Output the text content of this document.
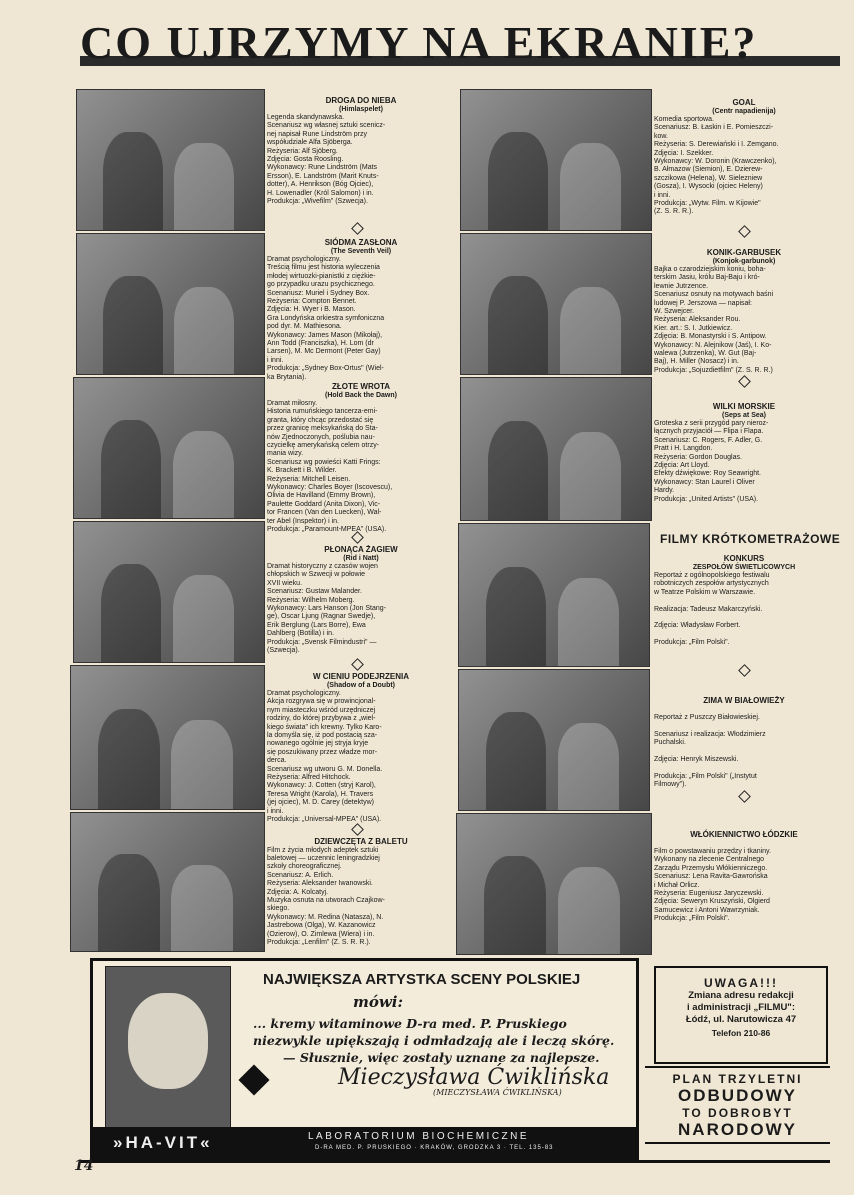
CO UJRZYMY NA EKRANIE?
DROGA DO NIEBA
(Himlaspelet)

Legenda skandynawska.

Scenariusz wg własnej sztuki scenicz-

nej napisał Rune Lindström przy

współudziale Alfa Sjöberga.

Reżyseria: Alf Sjöberg.

Zdjęcia: Gosta Roosling.

Wykonawcy: Rune Lindström (Mats

Ersson), E. Landström (Marit Knuts-

dotter), A. Henrikson (Bóg Ojciec),

H. Lowenadler (Król Salomon) i in.

Produkcja: „Wivefilm" (Szwecja).

SIÓDMA ZASŁONA
(The Seventh Veil)

Dramat psychologiczny.

Treścią filmu jest historia wyleczenia

młodej wirtuozki-pianistki z ciężkie-

go przypadku urazu psychicznego.

Scenariusz: Muriel i Sydney Box.

Reżyseria: Compton Bennet.

Zdjęcia: H. Wyer i B. Mason.

Gra Londyńska orkiestra symfoniczna

pod dyr. M. Mathiesona.

Wykonawcy: James Mason (Mikołaj),

Ann Todd (Franciszka), H. Lom (dr

Larsen), M. Mc Dermont (Peter Gay)

i inni.

Produkcja: „Sydney Box-Ortus" (Wiel-

ka Brytania).

ZŁOTE WROTA
(Hold Back the Dawn)

Dramat miłosny.

Historia rumuńskiego tancerza-emi-

granta, który chcąc przedostać się

przez granicę meksykańską do Sta-

nów Zjednoczonych, poślubia nau-

czycielkę amerykańską celem otrzy-

mania wizy.

Scenariusz wg powieści Katti Frings:

K. Brackett i B. Wilder.

Reżyseria: Mitchell Leisen.

Wykonawcy: Charles Boyer (Iscovescu),

Olivia de Havilland (Emmy Brown),

Paulette Goddard (Anita Dixon), Vic-

tor Francen (Van den Luecken), Wal-

ter Abel (Inspektor) i in.

Produkcja: „Paramount-MPEA" (USA).

PŁONĄCA ŻAGIEW
(Rid i Natt)

Dramat historyczny z czasów wojen

chłopskich w Szwecji w połowie

XVII wieku.

Scenariusz: Gustaw Malander.

Reżyseria: Wilhelm Moberg.

Wykonawcy: Lars Hanson (Jon Stang-

ge), Oscar Ljung (Ragnar Swedje),

Erik Berglung (Lars Borre), Ewa

Dahlberg (Botilla) i in.

Produkcja: „Svensk Filmindustri" —

(Szwecja).

W CIENIU PODEJRZENIA
(Shadow of a Doubt)

Dramat psychologiczny.

Akcja rozgrywa się w prowincjonal-

nym miasteczku wśród urzędniczej

rodziny, do której przybywa z „wiel-

kiego świata" ich krewny. Tylko Karo-

la domyśla się, iż pod postacią sza-

nowanego ogólnie jej stryja kryje

się poszukiwany przez władze mor-

derca.

Scenariusz wg utworu G. M. Donella.

Reżyseria: Alfred Hitchock.

Wykonawcy: J. Cotten (stryj Karol),

Teresa Wright (Karola), H. Travers

(jej ojciec), M. D. Carey (detektyw)

i inni.

Produkcja: „Universal-MPEA" (USA).

DZIEWCZĘTA Z BALETU

Film z życia młodych adeptek sztuki

baletowej — uczennic leningradzkiej

szkoły choreograficznej.

Scenariusz: A. Erlich.

Reżyseria: Aleksander Iwanowski.

Zdjęcia: A. Kolcatyj.

Muzyka osnuta na utworach Czajkow-

skiego.

Wykonawcy: M. Redina (Natasza), N.

Jastrebowa (Olga), W. Kazanowicz

(Ozierow), O. Zimlewa (Wiera) i in.

Produkcja: „Lenfilm" (Z. S. R. R.).

GOAL
(Centr napadienija)

Komedia sportowa.

Scenariusz: B. Łaskin i E. Pomieszczi-

kow.

Reżyseria: S. Derewiański i I. Zemgano.

Zdjęcia: I. Szekker.

Wykonawcy: W. Doronin (Krawczenko),

B. Ałmazow (Siemion), E. Dzierew-

szczikowa (Helena), W. Sielezniew

(Gosza), I. Wysocki (ojciec Heleny)

i inni.

Produkcja: „Wytw. Film. w Kijowie"

(Z. S. R. R.).

KONIK-GARBUSEK
(Konjok-garbunok)

Bajka o czarodziejskim koniu, boha-

terskim Jasiu, królu Baj-Baju i kró-

lewnie Jutrzence.

Scenariusz osnuty na motywach baśni

ludowej P. Jerszowa — napisał:

W. Szwejcer.

Reżyseria: Aleksander Rou.

Kier. art.: S. I. Jutkiewicz.

Zdjęcia: B. Monastyrski i S. Antipow.

Wykonawcy: N. Alejnikow (Jaś), I. Ko-

walewa (Jutrzenka), W. Gut (Baj-

Baj), H. Miller (Nosacz) i in.

Produkcja: „Sojuzdietfilm" (Z. S. R. R.)

WILKI MORSKIE
(Seps at Sea)

Groteska z serii przygód pary nieroz-

łącznych przyjaciół — Flipa i Flapa.

Scenariusz: C. Rogers, F. Adler, G.

Pratt i H. Langdon.

Reżyseria: Gordon Douglas.

Zdjęcia: Art Lloyd.

Efekty dźwiękowe: Roy Seawright.

Wykonawcy: Stan Laurel i Oliver

Hardy.

Produkcja: „United Artists" (USA).

FILMY KRÓTKOMETRAŻOWE
KONKURS
ZESPOŁÓW ŚWIETLICOWYCH

Reportaż z ogólnopolskiego festiwalu

robotniczych zespołów artystycznych

w Teatrze Polskim w Warszawie.

Realizacja: Tadeusz Makarczyński.

Zdjęcia: Władysław Forbert.

Produkcja: „Film Polski".

ZIMA W BIAŁOWIEŻY

Reportaż z Puszczy Białowieskiej.

Scenariusz i realizacja: Włodzimierz

Puchalski.

Zdjęcia: Henryk Miszewski.

Produkcja: „Film Polski" („Instytut

Filmowy").

WŁÓKIENNICTWO ŁÓDZKIE

Film o powstawaniu przędzy i tkaniny.

Wykonany na zlecenie Centralnego

Zarządu Przemysłu Włókienniczego.

Scenariusz: Lena Ravita-Gawrońska

i Michał Orlicz.

Reżyseria: Eugeniusz Jaryczewski.

Zdjęcia: Seweryn Kruszyński, Olgierd

Samucewicz i Antoni Wawrzyniak.

Produkcja: „Film Polski".

NAJWIĘKSZA ARTYSTKA SCENY POLSKIEJ
mówi:
... kremy witaminowe D-ra med. P. Pruskiego
niezwykle upiększają i odmładzają ale i leczą skórę.
— Słusznie, więc zostały uznane za najlepsze.
Mieczysława Ćwiklińska
(MIECZYSŁAWA ĆWIKLIŃSKA)
»HA-VIT«	LABORATORIUM BIOCHEMICZNE
D-RA MED. P. PRUSKIEGO · KRAKÓW, GRODZKA 3 · TEL. 135-83
UWAGA!!!
Zmiana adresu redakcji
i administracji „FILMU":
Łódź, ul. Narutowicza 47
Telefon 210-86
PLAN TRZYLETNI
ODBUDOWY
TO DOBROBYT
NARODOWY
14
